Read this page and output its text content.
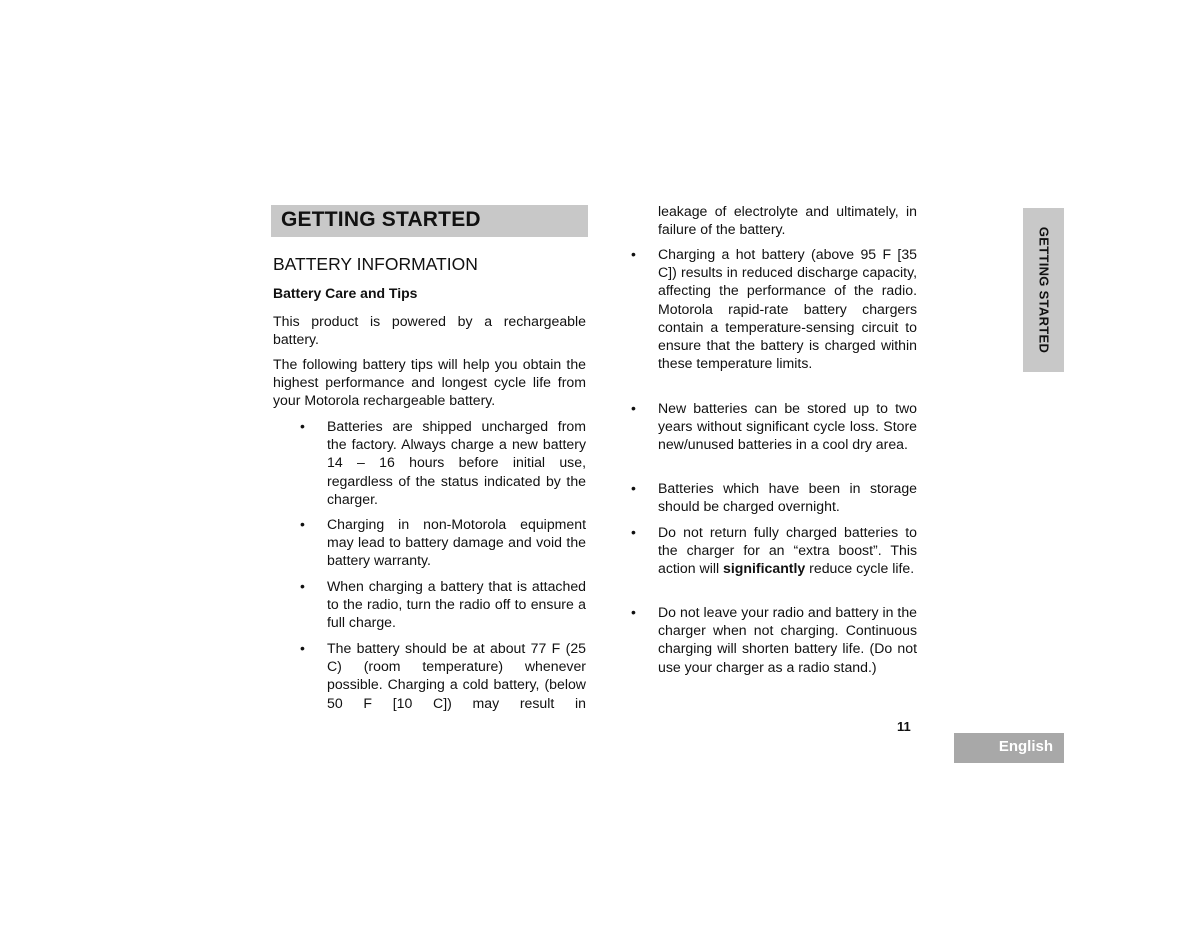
GETTING STARTED
BATTERY INFORMATION
Battery Care and Tips

This product is powered by a rechargeable battery.

The following battery tips will help you obtain the highest performance and longest cycle life from your Motorola rechargeable battery.

• Batteries are shipped uncharged from the factory. Always charge a new battery 14 – 16 hours before initial use, regardless of the status indicated by the charger.

• Charging in non-Motorola equipment may lead to battery damage and void the battery warranty.

• When charging a battery that is attached to the radio, turn the radio off to ensure a full charge.

• The battery should be at about 77 F (25 C) (room temperature) whenever possible. Charging a cold battery, (below 50 F [10 C]) may result in

leakage of electrolyte and ultimately, in failure of the battery.

• Charging a hot battery (above 95 F [35 C]) results in reduced discharge capacity, affecting the performance of the radio. Motorola rapid-rate battery chargers contain a temperature-sensing circuit to ensure that the battery is charged within these temperature limits.

• New batteries can be stored up to two years without significant cycle loss. Store new/unused batteries in a cool dry area.

• Batteries which have been in storage should be charged overnight.

• Do not return fully charged batteries to the charger for an “extra boost”. This action will significantly reduce cycle life.

• Do not leave your radio and battery in the charger when not charging. Continuous charging will shorten battery life. (Do not use your charger as a radio stand.)

GETTING STARTED
11
English
